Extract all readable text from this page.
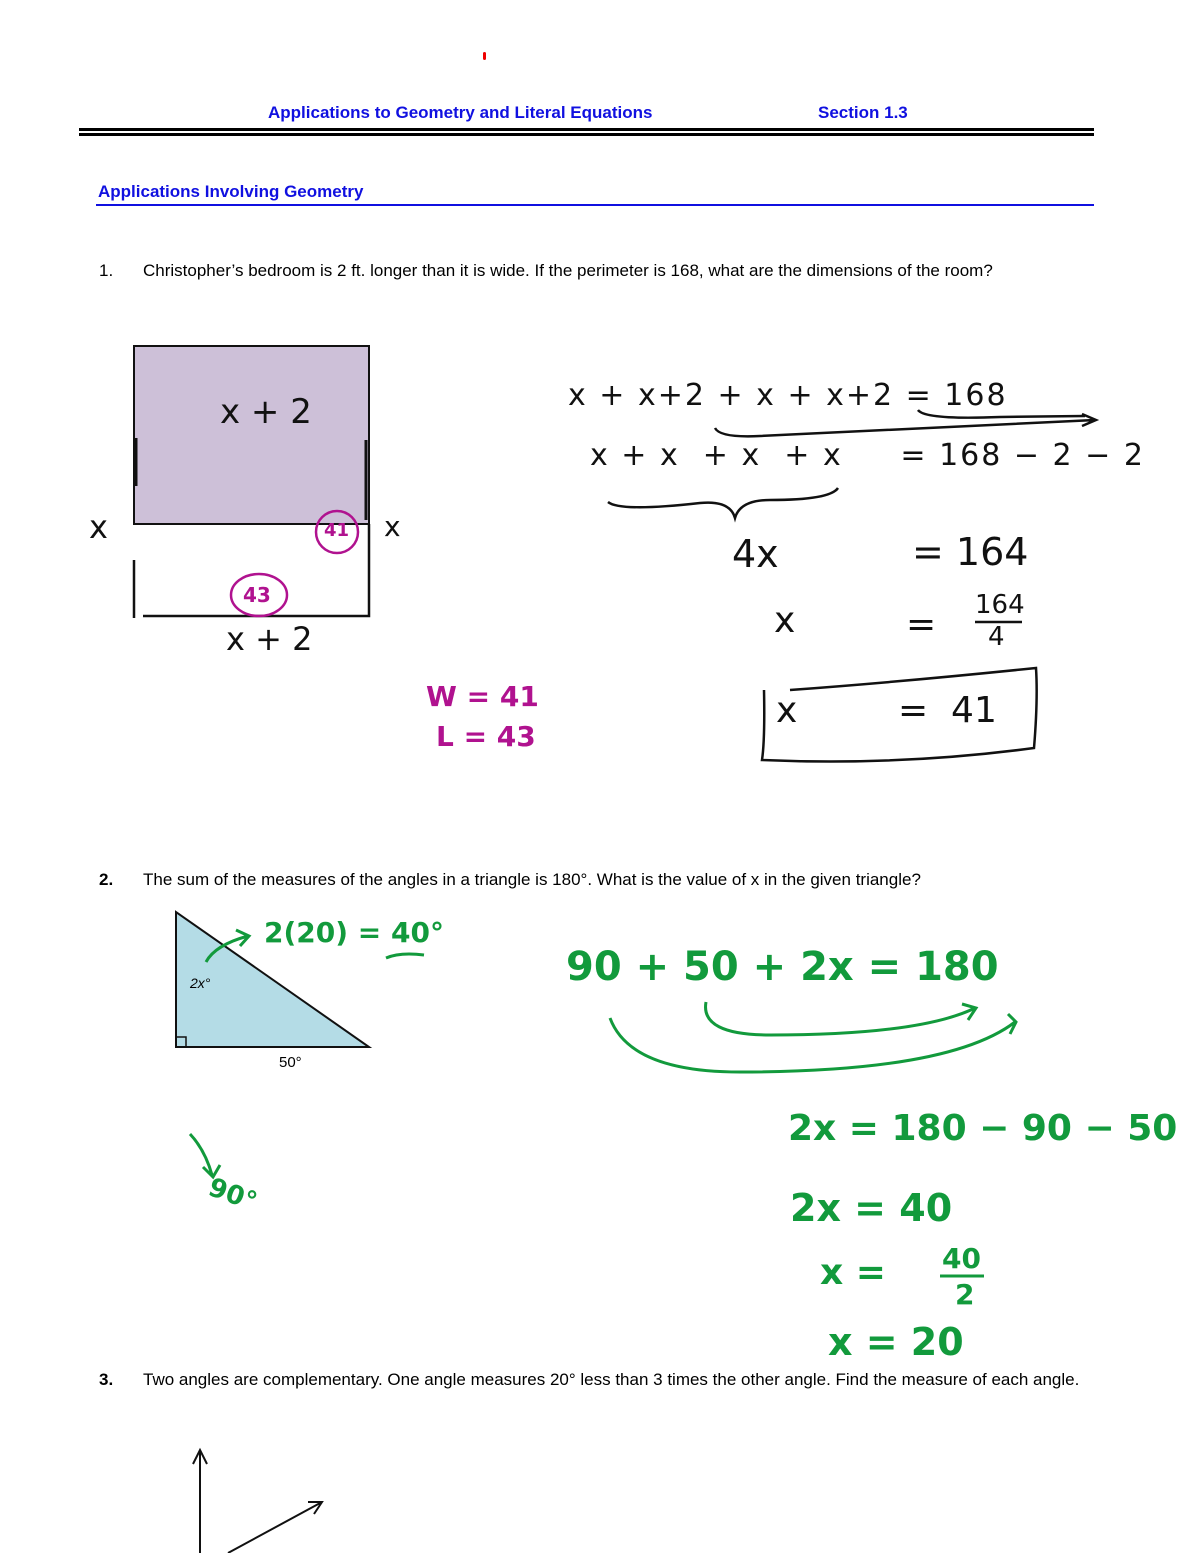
Applications to Geometry and Literal Equations	Section 1.3
Applications Involving Geometry
1. Christopher’s bedroom is 2 ft. longer than it is wide. If the perimeter is 168, what are the dimensions of the room?
x + 2
x + 2
x	x
41
43
W = 41
L = 43
x + x+2 + x + x+2 = 168
x + x  + x  + x     = 168 − 2 − 2
4x	= 164
x	= 164
4
x	=  41
2. The sum of the measures of the angles in a triangle is 180°. What is the value of x in the given triangle?
2x°
50°
2(20) = 40°
90°
90 + 50 + 2x = 180
2x = 180 − 90 − 50
2x = 40
x = 40
2
x = 20
3. Two angles are complementary. One angle measures 20° less than 3 times the other angle. Find the measure of each angle.
